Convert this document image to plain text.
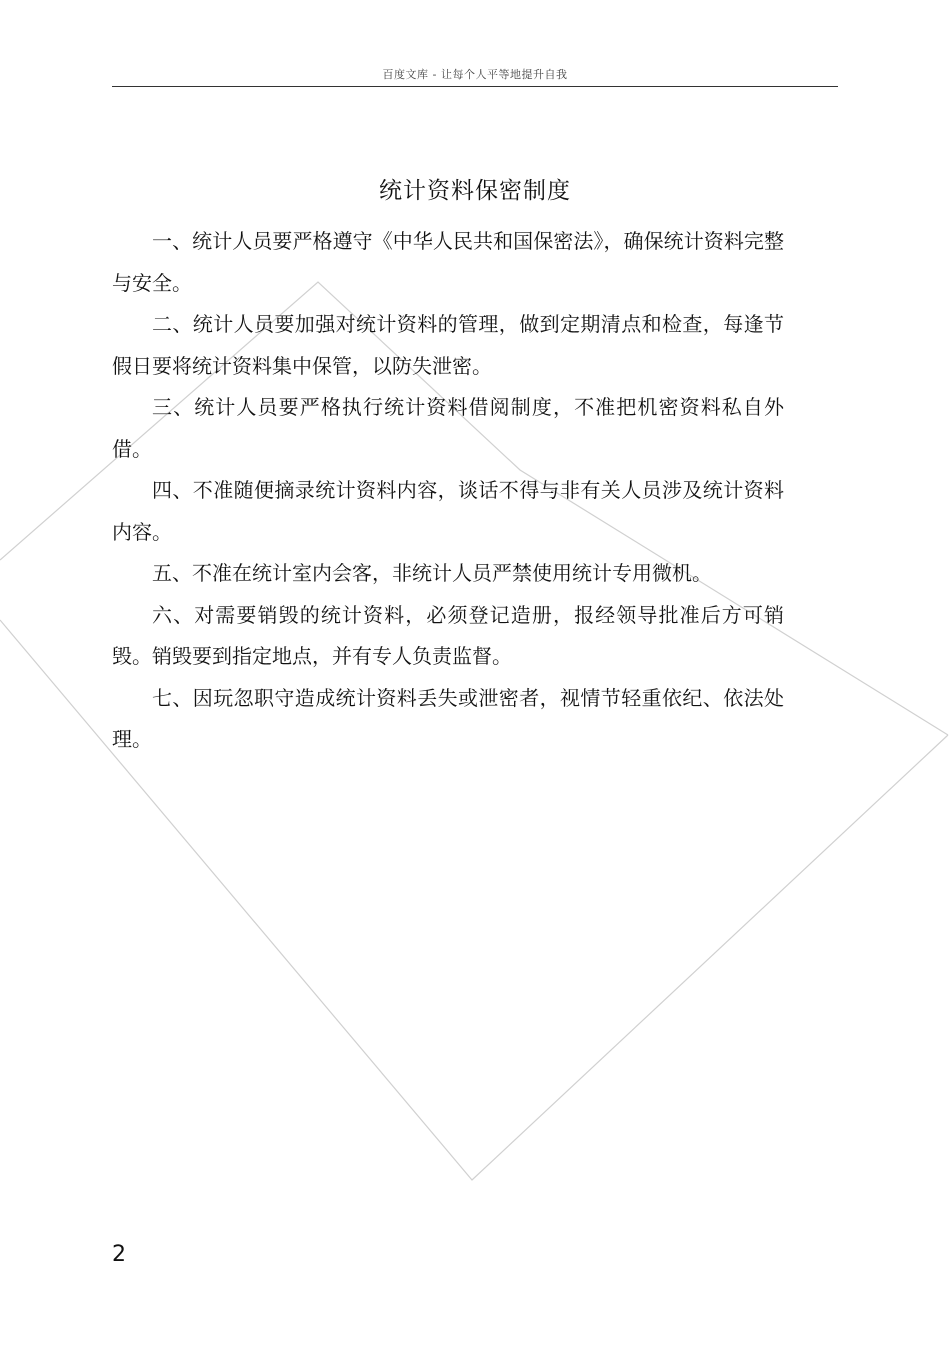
百度文库 - 让每个人平等地提升自我
统计资料保密制度

一、统计人员要严格遵守《中华人民共和国保密法》，确保统计资料完整与安全。

二、统计人员要加强对统计资料的管理，做到定期清点和检查，每逢节假日要将统计资料集中保管，以防失泄密。

三、统计人员要严格执行统计资料借阅制度，不准把机密资料私自外借。

四、不准随便摘录统计资料内容，谈话不得与非有关人员涉及统计资料内容。

五、不准在统计室内会客，非统计人员严禁使用统计专用微机。

六、对需要销毁的统计资料，必须登记造册，报经领导批准后方可销毁。销毁要到指定地点，并有专人负责监督。

七、因玩忽职守造成统计资料丢失或泄密者，视情节轻重依纪、依法处理。

2
